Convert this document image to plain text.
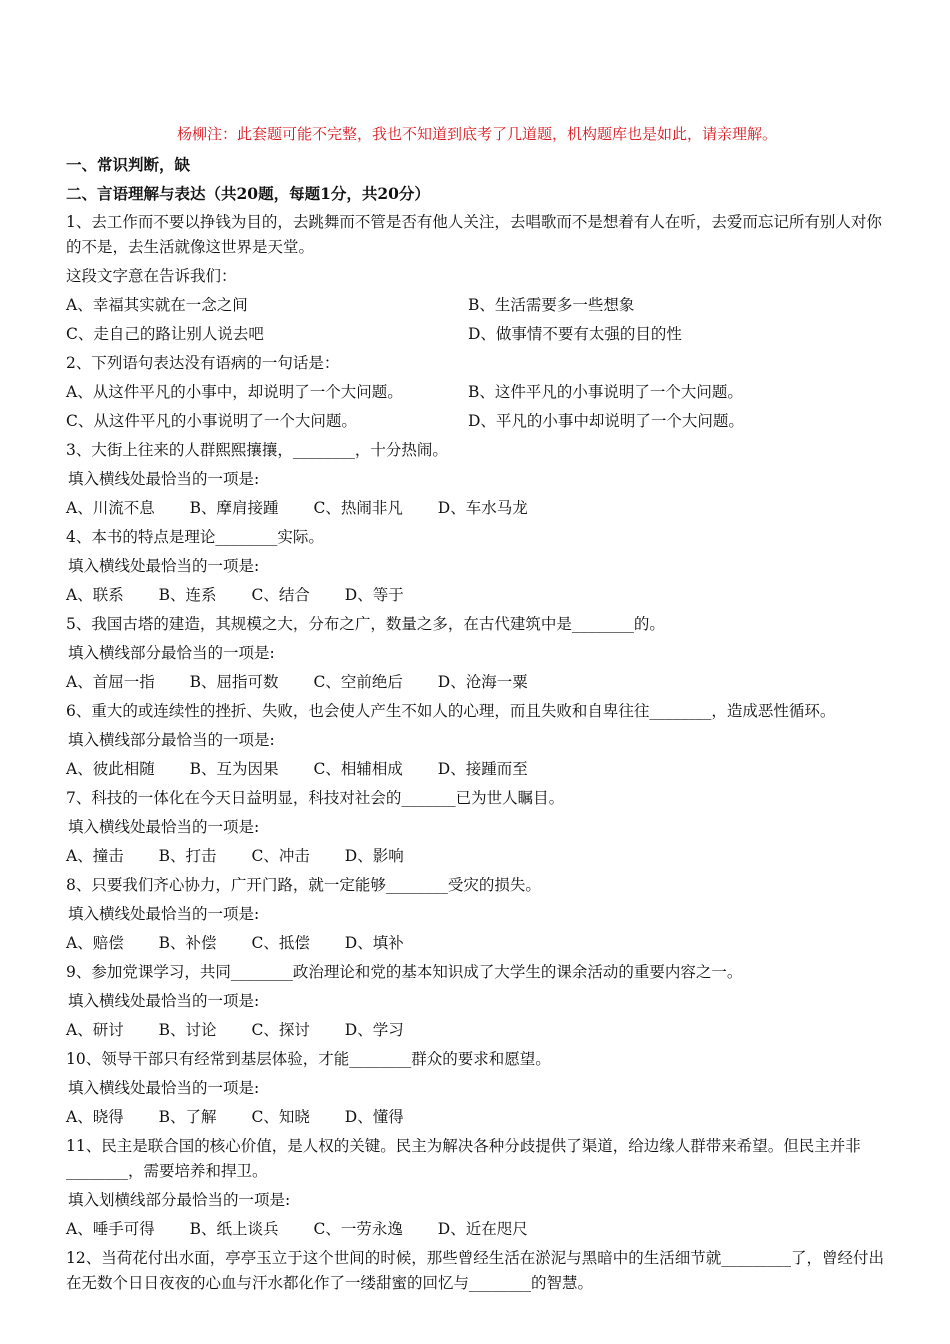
杨柳注：此套题可能不完整，我也不知道到底考了几道题，机构题库也是如此，请亲理解。
一、常识判断，缺
二、言语理解与表达（共20题，每题1分，共20分）
1、去工作而不要以挣钱为目的，去跳舞而不管是否有他人关注，去唱歌而不是想着有人在听，去爱而忘记所有别人对你的不是，去生活就像这世界是天堂。
这段文字意在告诉我们：
A、幸福其实就在一念之间	B、生活需要多一些想象
C、走自己的路让别人说去吧	D、做事情不要有太强的目的性
2、下列语句表达没有语病的一句话是：
A、从这件平凡的小事中，却说明了一个大问题。	B、这件平凡的小事说明了一个大问题。
C、从这件平凡的小事说明了一个大问题。	D、平凡的小事中却说明了一个大问题。
3、大街上往来的人群熙熙攘攘，________，十分热闹。
填入横线处最恰当的一项是:
A、川流不息 B、摩肩接踵 C、热闹非凡 D、车水马龙
4、本书的特点是理论________实际。
填入横线处最恰当的一项是:
A、联系 B、连系 C、结合 D、等于
5、我国古塔的建造，其规模之大，分布之广，数量之多，在古代建筑中是________的。
填入横线部分最恰当的一项是:
A、首屈一指 B、屈指可数 C、空前绝后 D、沧海一粟
6、重大的或连续性的挫折、失败，也会使人产生不如人的心理，而且失败和自卑往往________，造成恶性循环。
填入横线部分最恰当的一项是:
A、彼此相随 B、互为因果 C、相辅相成 D、接踵而至
7、科技的一体化在今天日益明显，科技对社会的_______已为世人瞩目。
填入横线处最恰当的一项是:
A、撞击 B、打击 C、冲击 D、影响
8、只要我们齐心协力，广开门路，就一定能够________受灾的损失。
填入横线处最恰当的一项是:
A、赔偿 B、补偿 C、抵偿 D、填补
9、参加党课学习，共同________政治理论和党的基本知识成了大学生的课余活动的重要内容之一。
填入横线处最恰当的一项是:
A、研讨 B、讨论 C、探讨 D、学习
10、领导干部只有经常到基层体验，才能________群众的要求和愿望。
填入横线处最恰当的一项是:
A、晓得 B、了解 C、知晓 D、懂得
11、民主是联合国的核心价值，是人权的关键。民主为解决各种分歧提供了渠道，给边缘人群带来希望。但民主并非________，需要培养和捍卫。
填入划横线部分最恰当的一项是:
A、唾手可得 B、纸上谈兵 C、一劳永逸 D、近在咫尺
12、当荷花付出水面，亭亭玉立于这个世间的时候，那些曾经生活在淤泥与黑暗中的生活细节就_________了，曾经付出在无数个日日夜夜的心血与汗水都化作了一缕甜蜜的回忆与________的智慧。
